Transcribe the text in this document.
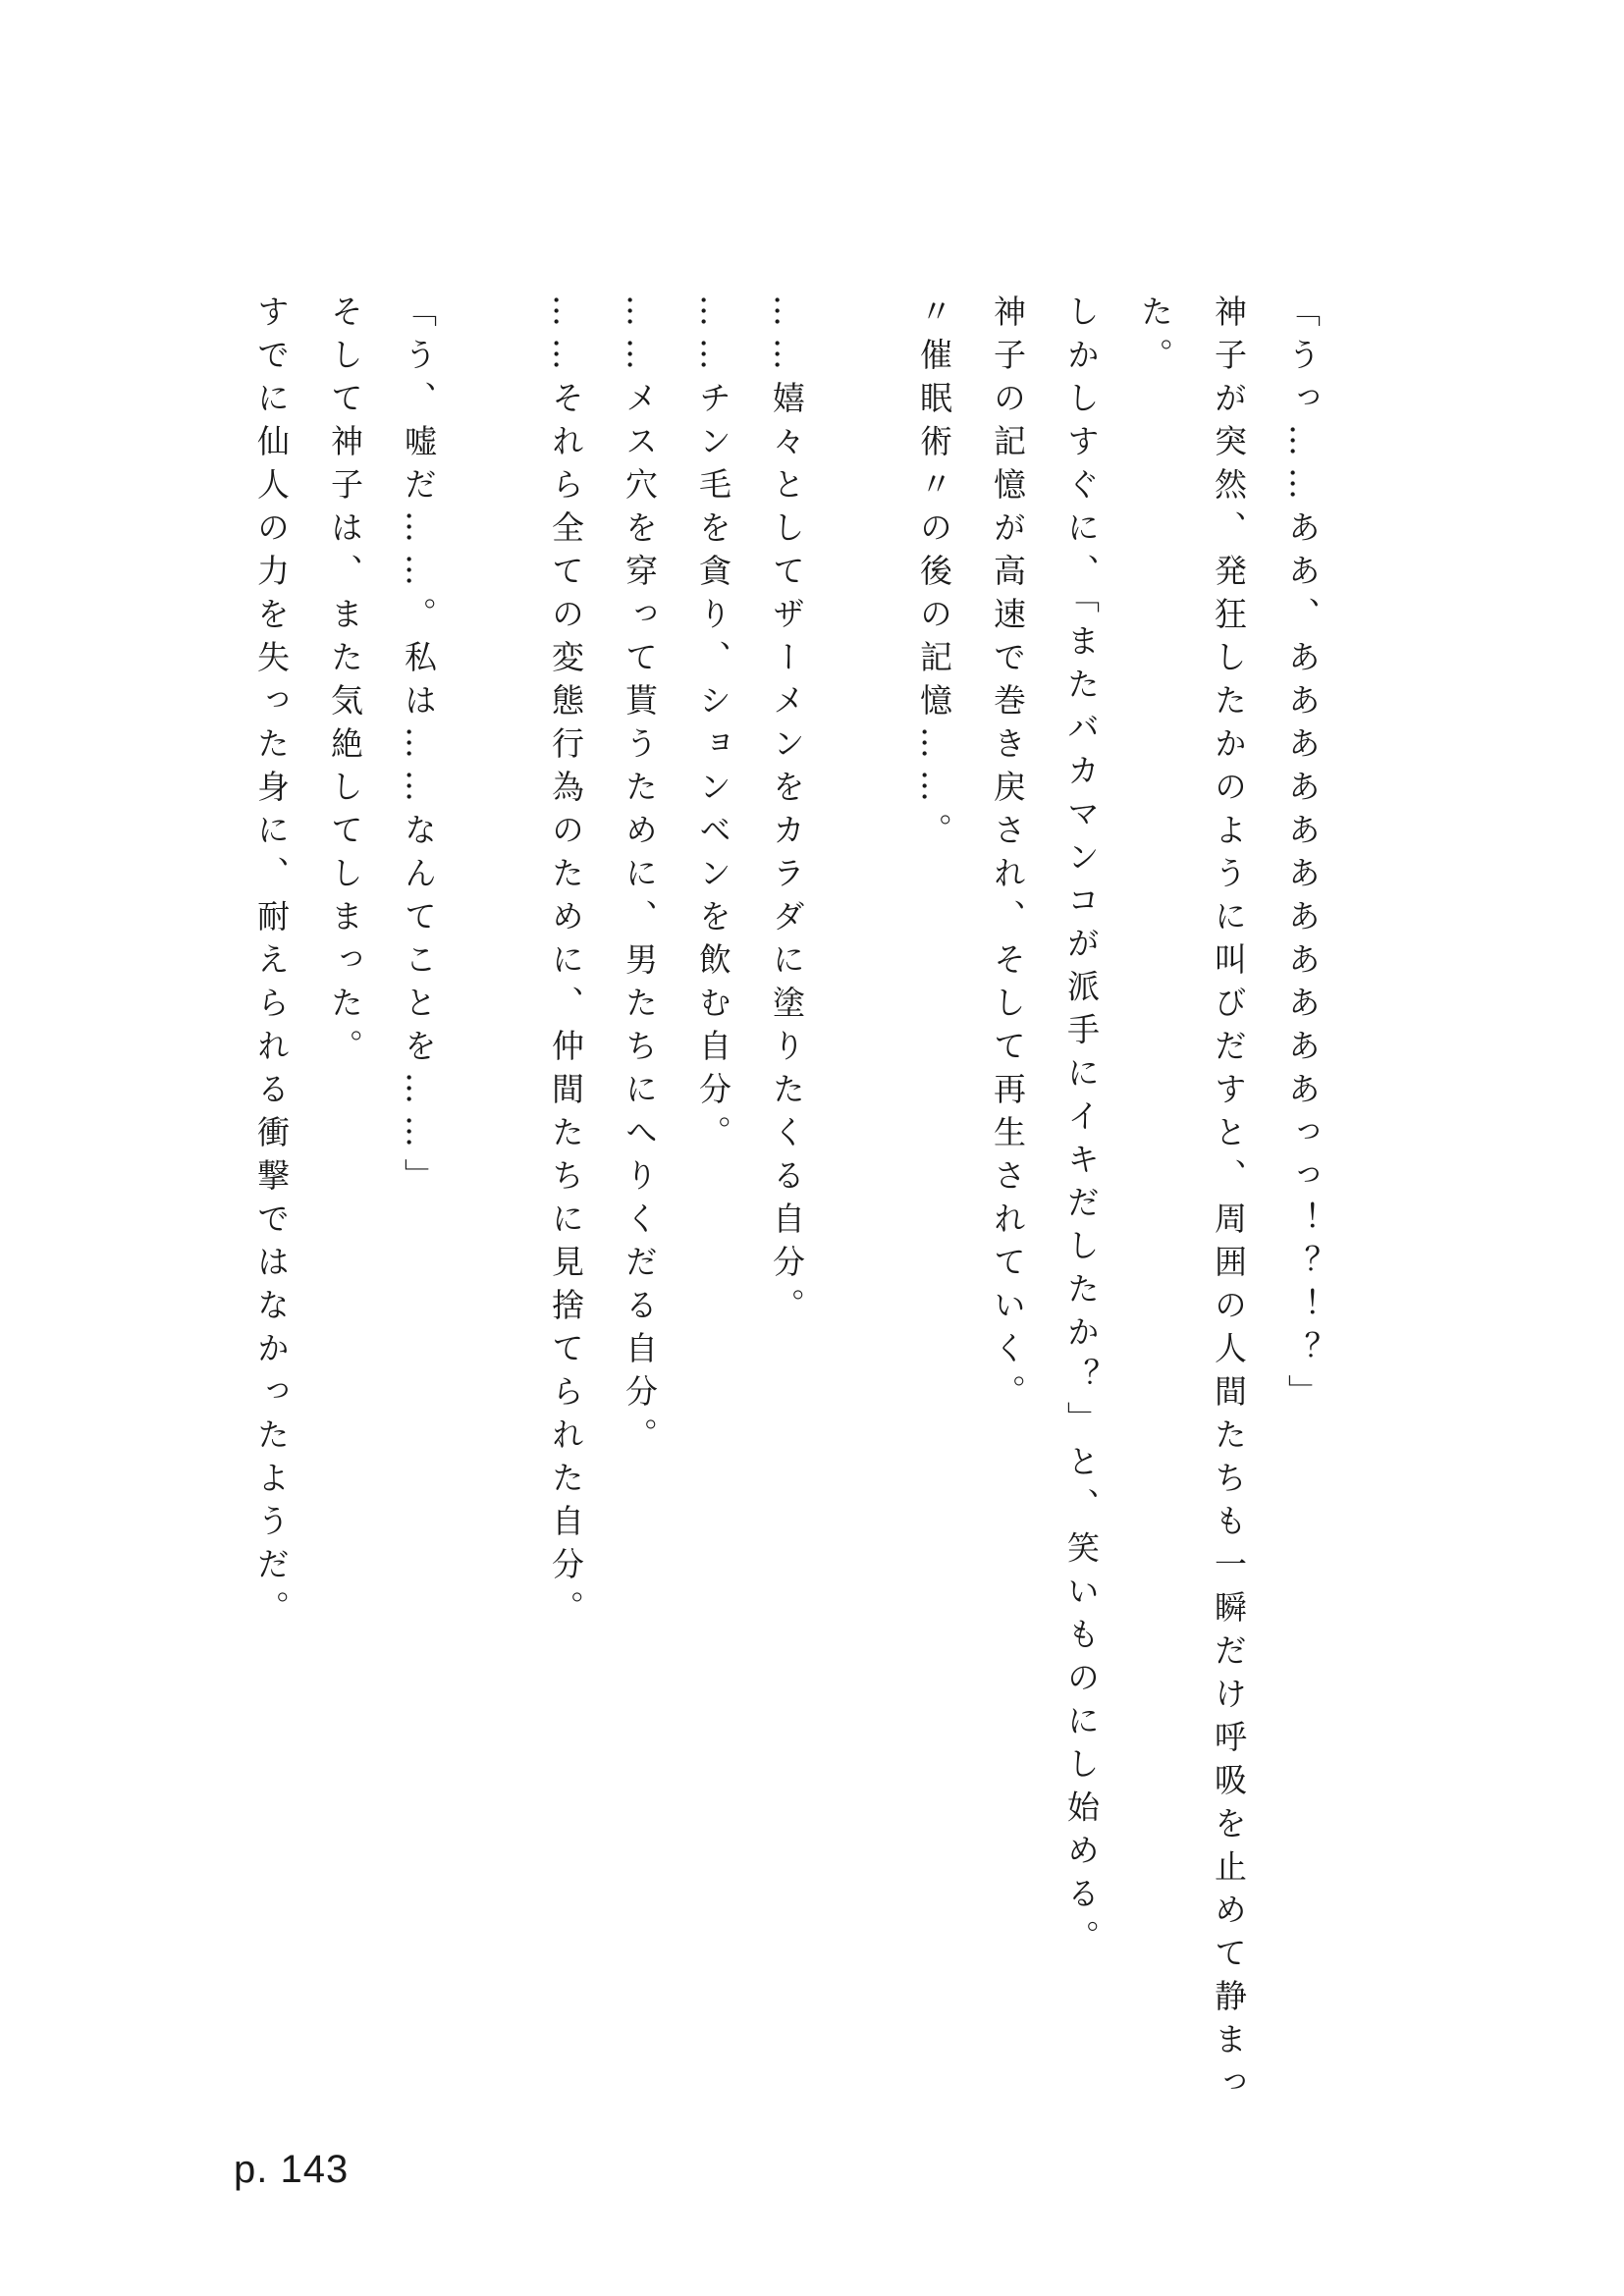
「うっ……ああ、あああああああああああっっ！？！？」

神子が突然、発狂したかのように叫びだすと、周囲の人間たちも一瞬だけ呼吸を止めて静まった。

しかしすぐに、「またバカマンコが派手にイキだしたか？」と、笑いものにし始める。

神子の記憶が高速で巻き戻され、そして再生されていく。

〃催眠術〃の後の記憶……。

……嬉々としてザーメンをカラダに塗りたくる自分。

……チン毛を貪り、ションベンを飲む自分。

……メス穴を穿って貰うために、男たちにへりくだる自分。

……それら全ての変態行為のために、仲間たちに見捨てられた自分。

「う、嘘だ……。私は……なんてことを……」

そして神子は、また気絶してしまった。

すでに仙人の力を失った身に、耐えられる衝撃ではなかったようだ。

p. 143
